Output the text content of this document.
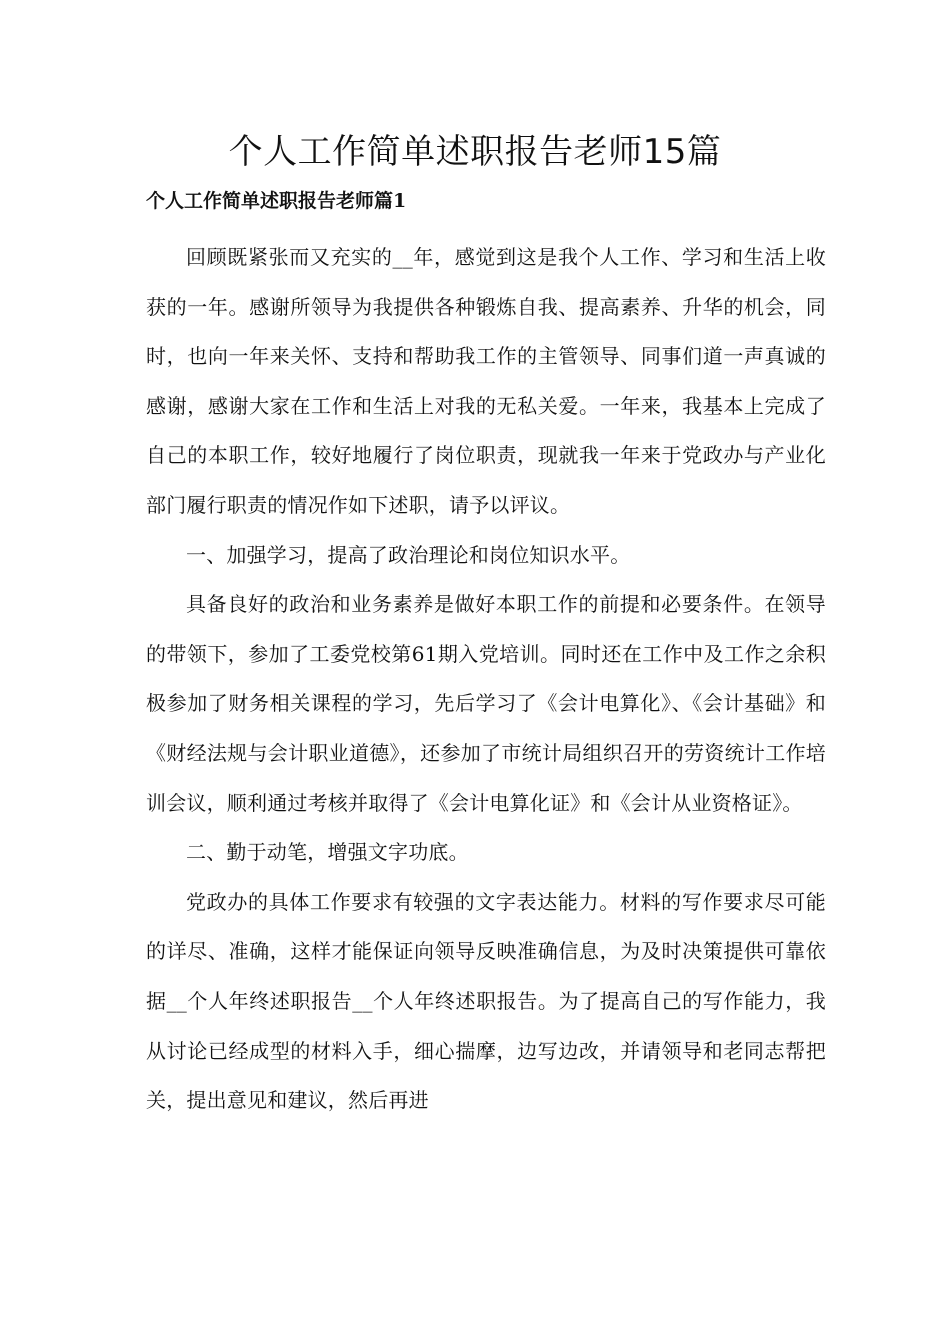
个人工作简单述职报告老师15篇
个人工作简单述职报告老师篇1

回顾既紧张而又充实的__年，感觉到这是我个人工作、学习和生活上收获的一年。感谢所领导为我提供各种锻炼自我、提高素养、升华的机会，同时，也向一年来关怀、支持和帮助我工作的主管领导、同事们道一声真诚的感谢，感谢大家在工作和生活上对我的无私关爱。一年来，我基本上完成了自己的本职工作，较好地履行了岗位职责，现就我一年来于党政办与产业化部门履行职责的情况作如下述职，请予以评议。

一、加强学习，提高了政治理论和岗位知识水平。

具备良好的政治和业务素养是做好本职工作的前提和必要条件。在领导的带领下，参加了工委党校第61期入党培训。同时还在工作中及工作之余积极参加了财务相关课程的学习，先后学习了《会计电算化》、《会计基础》和《财经法规与会计职业道德》，还参加了市统计局组织召开的劳资统计工作培训会议，顺利通过考核并取得了《会计电算化证》和《会计从业资格证》。

二、勤于动笔，增强文字功底。

党政办的具体工作要求有较强的文字表达能力。材料的写作要求尽可能的详尽、准确，这样才能保证向领导反映准确信息，为及时决策提供可靠依据__个人年终述职报告__个人年终述职报告。为了提高自己的写作能力，我从讨论已经成型的材料入手，细心揣摩，边写边改，并请领导和老同志帮把关，提出意见和建议，然后再进
